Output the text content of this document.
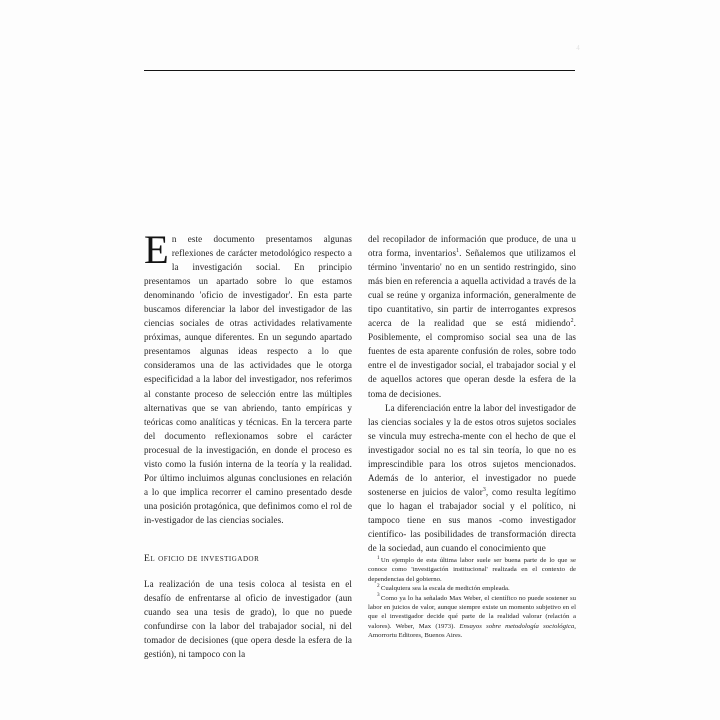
4

E n este documento presentamos algunas reflexiones de carácter metodológico respecto a la investigación social. En principio presentamos un apartado sobre lo que estamos denominando 'oficio de investigador'. En esta parte buscamos diferenciar la labor del investigador de las ciencias sociales de otras actividades relativamente próximas, aunque diferentes. En un segundo apartado presentamos algunas ideas respecto a lo que consideramos una de las actividades que le otorga especificidad a la labor del investigador, nos referimos al constante proceso de selección entre las múltiples alternativas que se van abriendo, tanto empíricas y teóricas como analíticas y técnicas. En la tercera parte del documento reflexionamos sobre el carácter procesual de la investigación, en donde el proceso es visto como la fusión interna de la teoría y la realidad. Por último incluimos algunas conclusiones en relación a lo que implica recorrer el camino presentado desde una posición protagónica, que definimos como el rol de in-vestigador de las ciencias sociales.

El oficio de investigador

La realización de una tesis coloca al tesista en el desafío de enfrentarse al oficio de investigador (aun cuando sea una tesis de grado), lo que no puede confundirse con la labor del trabajador social, ni del tomador de decisiones (que opera desde la esfera de la gestión), ni tampoco con la

del recopilador de información que produce, de una u otra forma, inventarios$^1$. Señalemos que utilizamos el término 'inventario' no en un sentido restringido, sino más bien en referencia a aquella actividad a través de la cual se reúne y organiza información, generalmente de tipo cuantitativo, sin partir de interrogantes expresos acerca de la realidad que se está midiendo$^2$. Posiblemente, el compromiso social sea una de las fuentes de esta aparente confusión de roles, sobre todo entre el de investigador social, el trabajador social y el de aquellos actores que operan desde la esfera de la toma de decisiones.

La diferenciación entre la labor del investigador de las ciencias sociales y la de estos otros sujetos sociales se vincula muy estrecha-mente con el hecho de que el investigador social no es tal sin teoría, lo que no es imprescindible para los otros sujetos mencionados. Además de lo anterior, el investigador no puede sostenerse en juicios de valor$^3$, como resulta legítimo que lo hagan el trabajador social y el político, ni tampoco tiene en sus manos -como investigador científico- las posibilidades de transformación directa de la sociedad, aun cuando el conocimiento que

$^1$Un ejemplo de esta última labor suele ser buena parte de lo que se conoce como 'investigación institucional' realizada en el contexto de dependencias del gobierno.

$^2$Cualquiera sea la escala de medición empleada.

$^3$Como ya lo ha señalado Max Weber, el científico no puede sostener su labor en juicios de valor, aunque siempre existe un momento subjetivo en el que el investigador decide qué parte de la realidad valorar (relación a valores). Weber, Max (1973). Ensayos sobre metodología sociológica, Amorrortu Editores, Buenos Aires.
